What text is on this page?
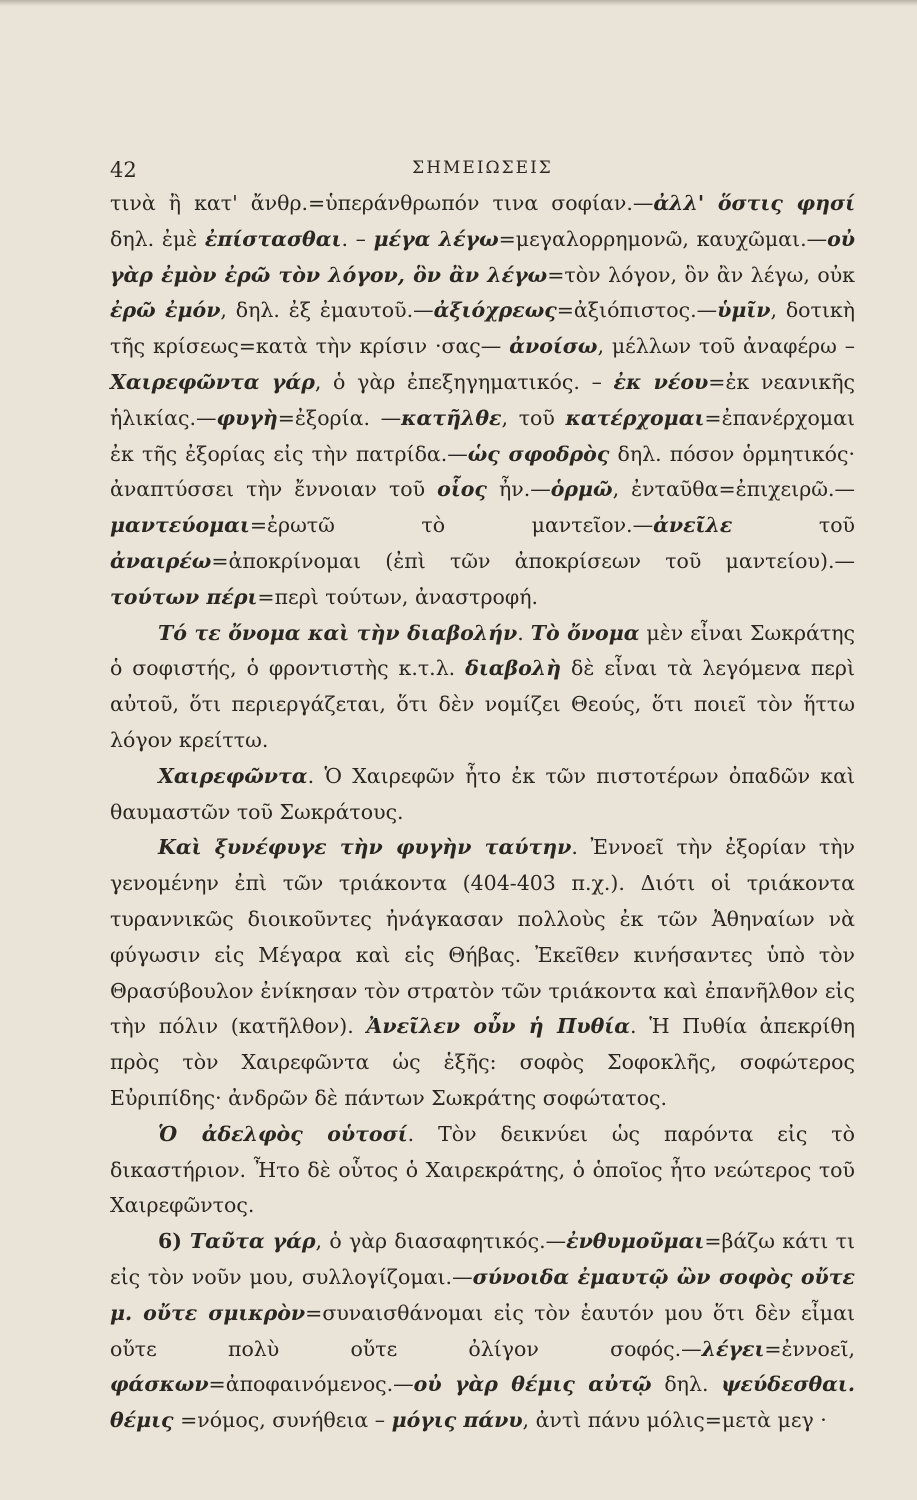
42	ΣΗΜΕΙΩΣΕΙΣ

τινὰ ἢ κατ' ἄνθρ.=ὑπεράνθρωπόν τινα σοφίαν.—ἀλλ' ὅστις φησί δηλ. ἐμὲ ἐπίστασθαι. – μέγα λέγω=μεγαλορρημονῶ, καυχῶμαι.—οὐ γὰρ ἐμὸν ἐρῶ τὸν λόγον, ὃν ἂν λέγω=τὸν λόγον, ὃν ἂν λέγω, οὐκ ἐρῶ ἐμόν, δηλ. ἐξ ἐμαυτοῦ.—ἀξιόχρεως=ἀξιόπιστος.—ὑμῖν, δοτικὴ τῆς κρίσεως=κατὰ τὴν κρίσιν ·σας— ἀνοίσω, μέλλων τοῦ ἀναφέρω – Χαιρεφῶντα γάρ, ὁ γὰρ ἐπεξηγηματικός. – ἐκ νέου=ἐκ νεανικῆς ἡλικίας.—φυγὴ=ἐξορία. —κατῆλθε, τοῦ κατέρχομαι=ἐπανέρχομαι ἐκ τῆς ἐξορίας εἰς τὴν πατρίδα.—ὡς σφοδρὸς δηλ. πόσον ὁρμητικός· ἀναπτύσσει τὴν ἔννοιαν τοῦ οἷος ἦν.—ὁρμῶ, ἐνταῦθα=ἐπιχειρῶ.—μαντεύομαι=ἐρωτῶ τὸ μαντεῖον.—ἀνεῖλε τοῦ ἀναιρέω=ἀποκρίνομαι (ἐπὶ τῶν ἀποκρίσεων τοῦ μαντείου).—τούτων πέρι=περὶ τούτων, ἀναστροφή.

Τό τε ὄνομα καὶ τὴν διαβολήν. Τὸ ὄνομα μὲν εἶναι Σωκράτης ὁ σοφιστής, ὁ φροντιστὴς κ.τ.λ. διαβολὴ δὲ εἶναι τὰ λεγόμενα περὶ αὐτοῦ, ὅτι περιεργάζεται, ὅτι δὲν νομίζει Θεούς, ὅτι ποιεῖ τὸν ἥττω λόγον κρείττω.

Χαιρεφῶντα. Ὁ Χαιρεφῶν ἦτο ἐκ τῶν πιστοτέρων ὀπαδῶν καὶ θαυμαστῶν τοῦ Σωκράτους.

Καὶ ξυνέφυγε τὴν φυγὴν ταύτην. Ἐννοεῖ τὴν ἐξορίαν τὴν γενομένην ἐπὶ τῶν τριάκοντα (404-403 π.χ.). Διότι οἱ τριάκοντα τυραννικῶς διοικοῦντες ἠνάγκασαν πολλοὺς ἐκ τῶν Ἀθηναίων νὰ φύγωσιν εἰς Μέγαρα καὶ εἰς Θήβας. Ἐκεῖθεν κινήσαντες ὑπὸ τὸν Θρασύβουλον ἐνίκησαν τὸν στρατὸν τῶν τριάκοντα καὶ ἐπανῆλθον εἰς τὴν πόλιν (κατῆλθον). Ἀνεῖλεν οὖν ἡ Πυθία. Ἡ Πυθία ἀπεκρίθη πρὸς τὸν Χαιρεφῶντα ὡς ἑξῆς: σοφὸς Σοφοκλῆς, σοφώτερος Εὐριπίδης· ἀνδρῶν δὲ πάντων Σωκράτης σοφώτατος.

Ὁ ἀδελφὸς οὑτοσί. Τὸν δεικνύει ὡς παρόντα εἰς τὸ δικαστήριον. Ἦτο δὲ οὗτος ὁ Χαιρεκράτης, ὁ ὁποῖος ἦτο νεώτερος τοῦ Χαιρεφῶντος.

6) Ταῦτα γάρ, ὁ γὰρ διασαφητικός.—ἐνθυμοῦμαι=βάζω κάτι τι εἰς τὸν νοῦν μου, συλλογίζομαι.—σύνοιδα ἐμαυτῷ ὢν σοφὸς οὔτε μ. οὔτε σμικρὸν=συναισθάνομαι εἰς τὸν ἑαυτόν μου ὅτι δὲν εἶμαι οὔτε πολὺ οὔτε ὀλίγον σοφός.—λέγει=ἐννοεῖ, φάσκων=ἀποφαινόμενος.—οὐ γὰρ θέμις αὐτῷ δηλ. ψεύδεσθαι. θέμις =νόμος, συνήθεια – μόγις πάνυ, ἀντὶ πάνυ μόλις=μετὰ μεγ ·
